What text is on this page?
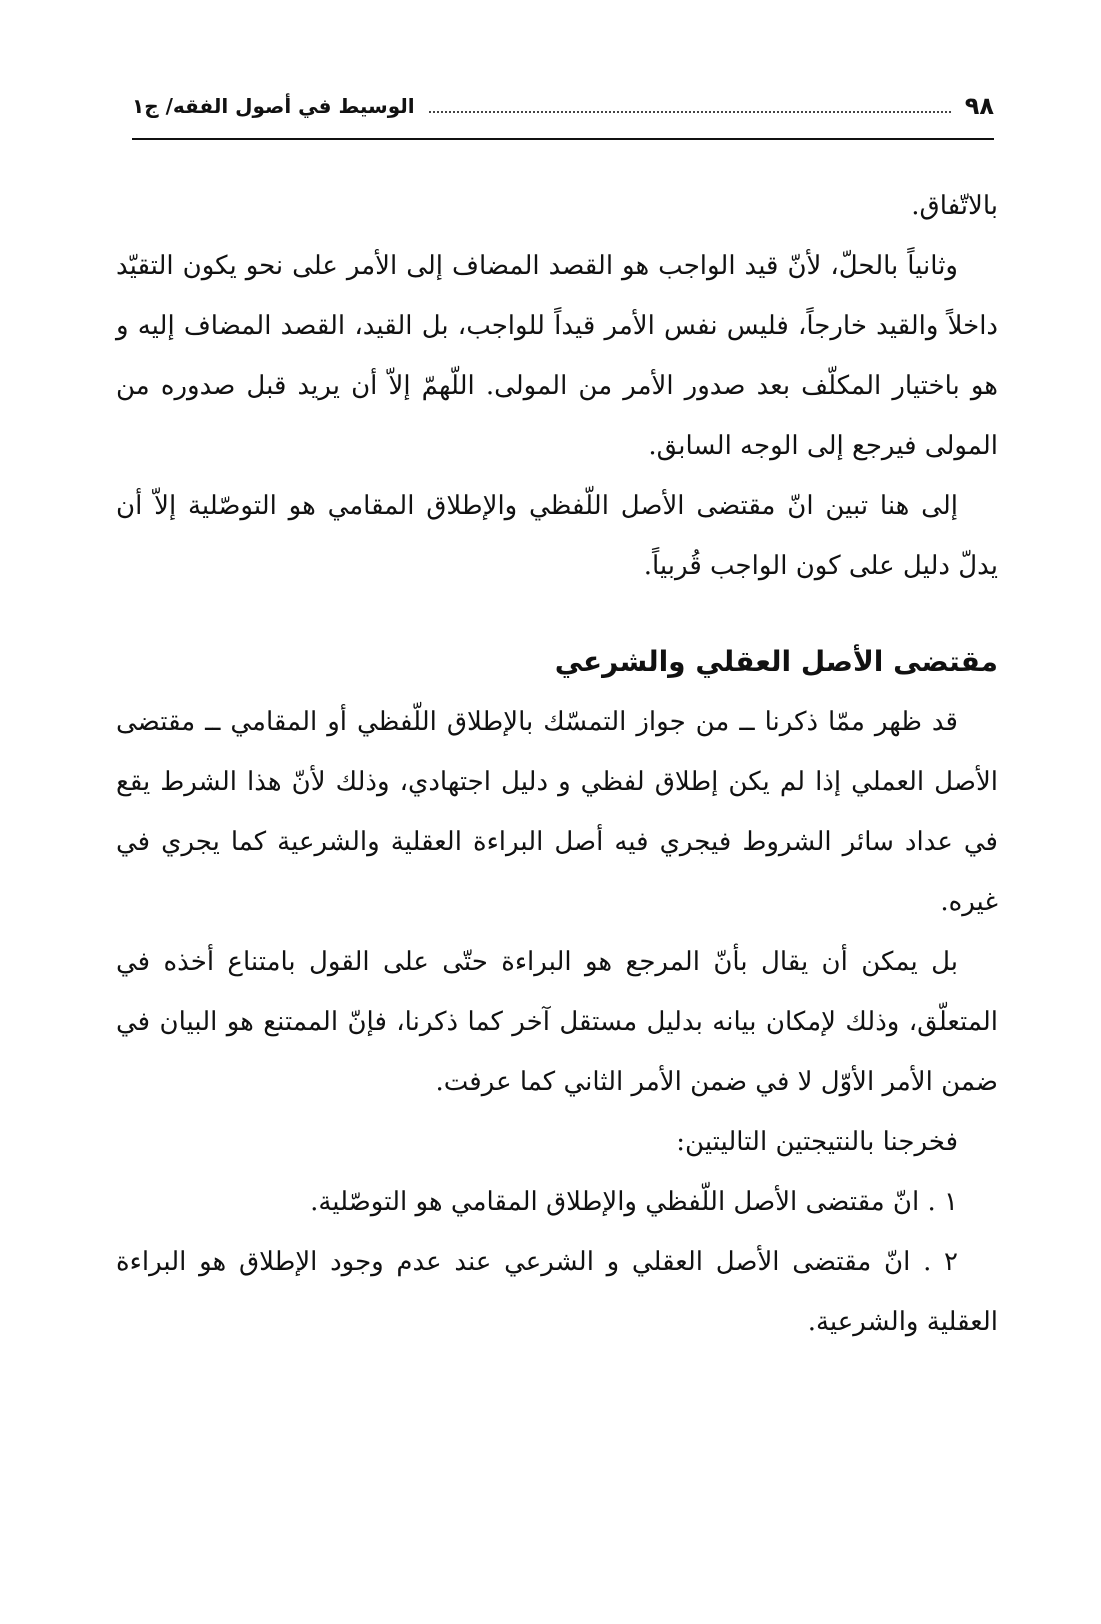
٩٨
الوسيط في أصول الفقه/ ج١

بالاتّفاق.

وثانياً بالحلّ، لأنّ قيد الواجب هو القصد المضاف إلى الأمر على نحو يكون التقيّد داخلاً والقيد خارجاً، فليس نفس الأمر قيداً للواجب، بل القيد، القصد المضاف إليه و هو باختيار المكلّف بعد صدور الأمر من المولى. اللّهمّ إلاّ أن يريد قبل صدوره من المولى فيرجع إلى الوجه السابق.

إلى هنا تبين انّ مقتضى الأصل اللّفظي والإطلاق المقامي هو التوصّلية إلاّ أن يدلّ دليل على كون الواجب قُربياً.

مقتضى الأصل العقلي والشرعي

قد ظهر ممّا ذكرنا ــ من جواز التمسّك بالإطلاق اللّفظي أو المقامي ــ مقتضى الأصل العملي إذا لم يكن إطلاق لفظي و دليل اجتهادي، وذلك لأنّ هذا الشرط يقع في عداد سائر الشروط فيجري فيه أصل البراءة العقلية والشرعية كما يجري في غيره.

بل يمكن أن يقال بأنّ المرجع هو البراءة حتّى على القول بامتناع أخذه في المتعلّق، وذلك لإمكان بيانه بدليل مستقل آخر كما ذكرنا، فإنّ الممتنع هو البيان في ضمن الأمر الأوّل لا في ضمن الأمر الثاني كما عرفت.

فخرجنا بالنتيجتين التاليتين:

١ . انّ مقتضى الأصل اللّفظي والإطلاق المقامي هو التوصّلية.
٢ . انّ مقتضى الأصل العقلي و الشرعي عند عدم وجود الإطلاق هو البراءة العقلية والشرعية.
